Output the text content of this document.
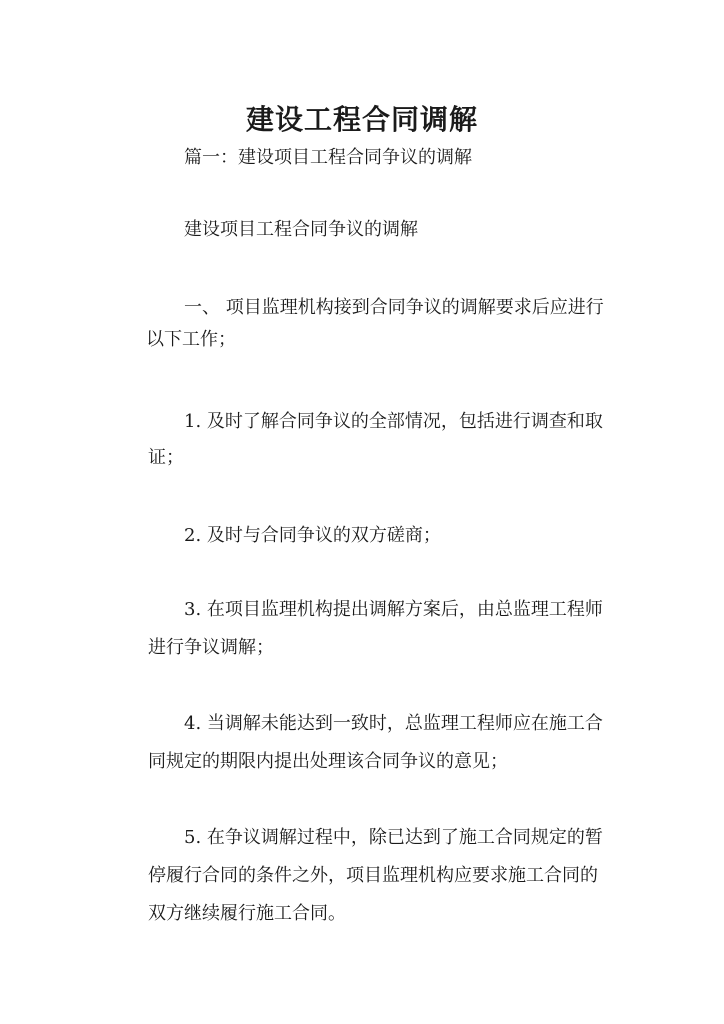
建设工程合同调解
篇一：建设项目工程合同争议的调解
建设项目工程合同争议的调解
一、 项目监理机构接到合同争议的调解要求后应进行
以下工作；
1. 及时了解合同争议的全部情况，包括进行调查和取
证；
2. 及时与合同争议的双方磋商；
3. 在项目监理机构提出调解方案后，由总监理工程师
进行争议调解；
4. 当调解未能达到一致时，总监理工程师应在施工合
同规定的期限内提出处理该合同争议的意见；
5. 在争议调解过程中，除已达到了施工合同规定的暂
停履行合同的条件之外，项目监理机构应要求施工合同的
双方继续履行施工合同。
